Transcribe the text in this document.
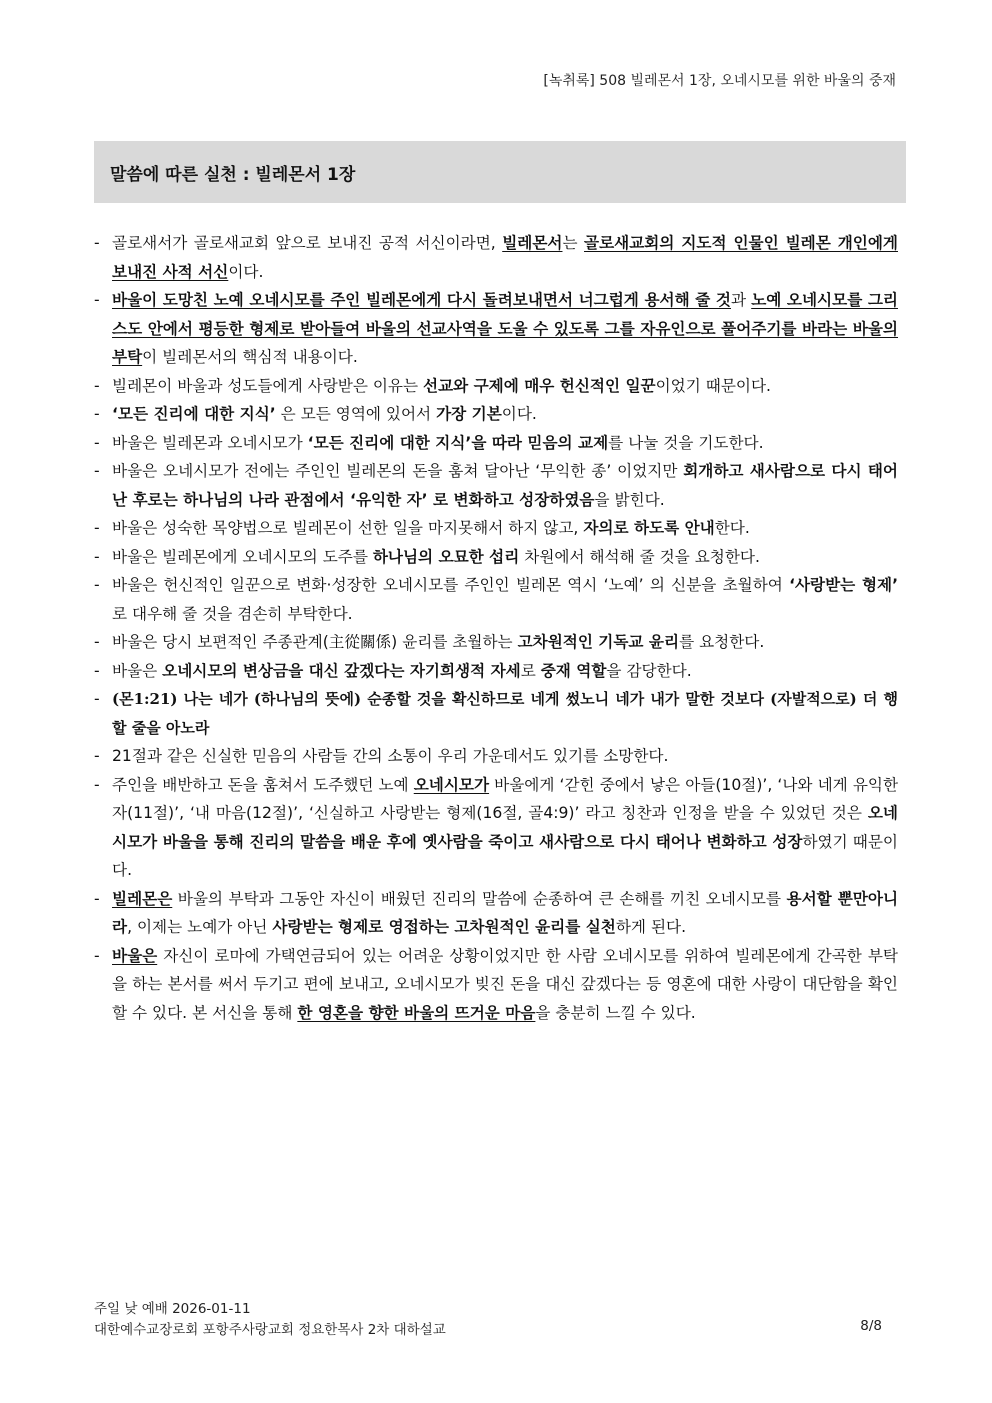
[녹취록] 508 빌레몬서 1장, 오네시모를 위한 바울의 중재
말씀에 따른 실천 : 빌레몬서 1장
- 골로새서가 골로새교회 앞으로 보내진 공적 서신이라면, 빌레몬서는 골로새교회의 지도적 인물인 빌레몬 개인에게 보내진 사적 서신이다.
- 바울이 도망친 노예 오네시모를 주인 빌레몬에게 다시 돌려보내면서 너그럽게 용서해 줄 것과 노예 오네시모를 그리스도 안에서 평등한 형제로 받아들여 바울의 선교사역을 도울 수 있도록 그를 자유인으로 풀어주기를 바라는 바울의 부탁이 빌레몬서의 핵심적 내용이다.
- 빌레몬이 바울과 성도들에게 사랑받은 이유는 선교와 구제에 매우 헌신적인 일꾼이었기 때문이다.
- ‘모든 진리에 대한 지식’ 은 모든 영역에 있어서 가장 기본이다.
- 바울은 빌레몬과 오네시모가 ‘모든 진리에 대한 지식’을 따라 믿음의 교제를 나눌 것을 기도한다.
- 바울은 오네시모가 전에는 주인인 빌레몬의 돈을 훔쳐 달아난 ‘무익한 종’ 이었지만 회개하고 새사람으로 다시 태어난 후로는 하나님의 나라 관점에서 ‘유익한 자’ 로 변화하고 성장하였음을 밝힌다.
- 바울은 성숙한 목양법으로 빌레몬이 선한 일을 마지못해서 하지 않고, 자의로 하도록 안내한다.
- 바울은 빌레몬에게 오네시모의 도주를 하나님의 오묘한 섭리 차원에서 해석해 줄 것을 요청한다.
- 바울은 헌신적인 일꾼으로 변화·성장한 오네시모를 주인인 빌레몬 역시 ‘노예’ 의 신분을 초월하여 ‘사랑받는 형제’ 로 대우해 줄 것을 겸손히 부탁한다.
- 바울은 당시 보편적인 주종관계(主從關係) 윤리를 초월하는 고차원적인 기독교 윤리를 요청한다.
- 바울은 오네시모의 변상금을 대신 갚겠다는 자기희생적 자세로 중재 역할을 감당한다.
- (몬1:21) 나는 네가 (하나님의 뜻에) 순종할 것을 확신하므로 네게 썼노니 네가 내가 말한 것보다 (자발적으로) 더 행할 줄을 아노라
- 21절과 같은 신실한 믿음의 사람들 간의 소통이 우리 가운데서도 있기를 소망한다.
- 주인을 배반하고 돈을 훔쳐서 도주했던 노예 오네시모가 바울에게 ‘갇힌 중에서 낳은 아들(10절)’, ‘나와 네게 유익한 자(11절)’, ‘내 마음(12절)’, ‘신실하고 사랑받는 형제(16절, 골4:9)’ 라고 칭찬과 인정을 받을 수 있었던 것은 오네시모가 바울을 통해 진리의 말씀을 배운 후에 옛사람을 죽이고 새사람으로 다시 태어나 변화하고 성장하였기 때문이다.
- 빌레몬은 바울의 부탁과 그동안 자신이 배웠던 진리의 말씀에 순종하여 큰 손해를 끼친 오네시모를 용서할 뿐만아니라, 이제는 노예가 아닌 사랑받는 형제로 영접하는 고차원적인 윤리를 실천하게 된다.
- 바울은 자신이 로마에 가택연금되어 있는 어려운 상황이었지만 한 사람 오네시모를 위하여 빌레몬에게 간곡한 부탁을 하는 본서를 써서 두기고 편에 보내고, 오네시모가 빚진 돈을 대신 갚겠다는 등 영혼에 대한 사랑이 대단함을 확인할 수 있다. 본 서신을 통해 한 영혼을 향한 바울의 뜨거운 마음을 충분히 느낄 수 있다.
주일 낮 예배 2026-01-11
대한예수교장로회 포항주사랑교회 정요한목사 2차 대하설교	8/8
